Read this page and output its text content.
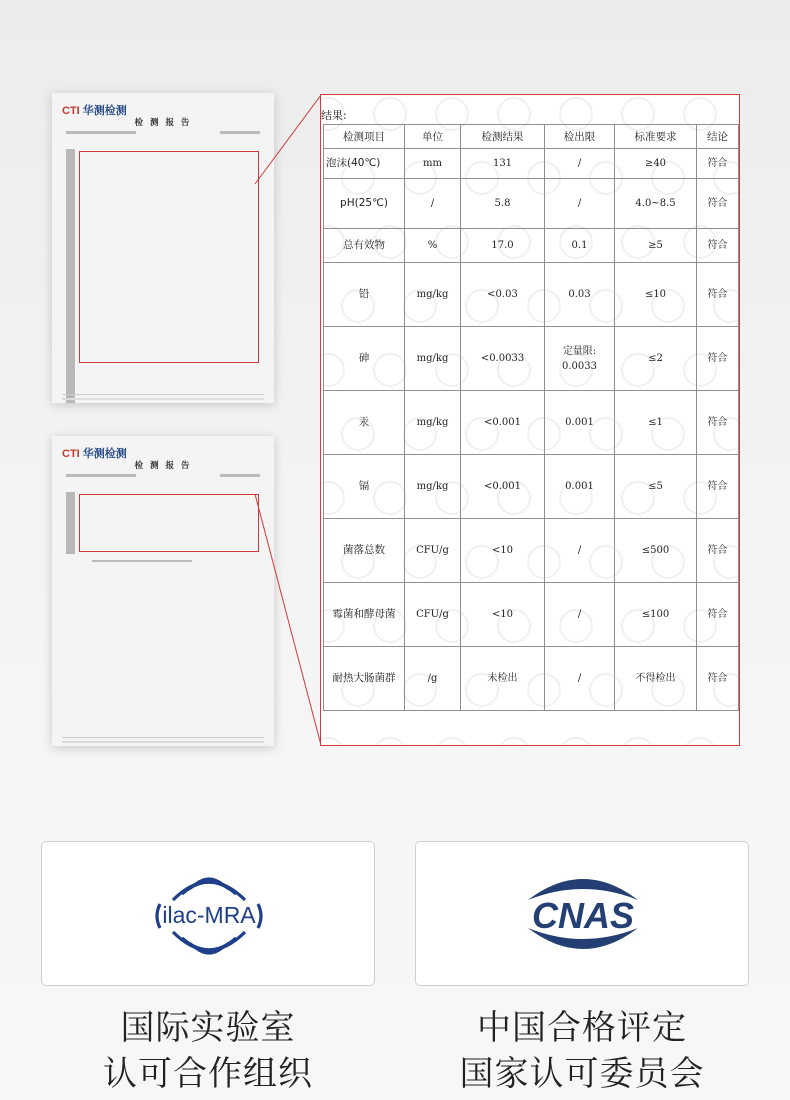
CTI 华测检测
检 测 报 告

CTI 华测检测
检 测 报 告

结果:
检测项目	单位	检测结果	检出限	标准要求	结论
泡沫(40℃)	mm	131	/	≥40	符合
pH(25℃)	/	5.8	/	4.0~8.5	符合
总有效物	%	17.0	0.1	≥5	符合
铅	mg/kg	<0.03	0.03	≤10	符合
砷	mg/kg	<0.0033	定量限:
0.0033	≤2	符合
汞	mg/kg	<0.001	0.001	≤1	符合
镉	mg/kg	<0.001	0.001	≤5	符合
菌落总数	CFU/g	<10	/	≤500	符合
霉菌和酵母菌	CFU/g	<10	/	≤100	符合
耐热大肠菌群	/g	未检出	/	不得检出	符合
ilac-MRA	CNAS
国际实验室
认可合作组织
中国合格评定
国家认可委员会
